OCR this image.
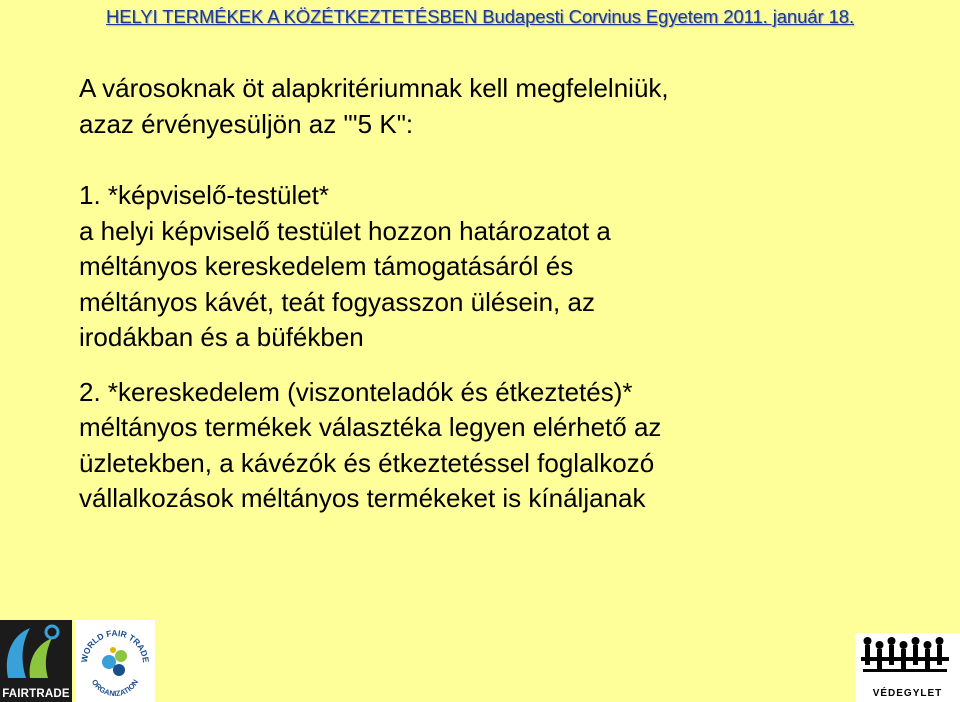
HELYI TERMÉKEK A KÖZÉTKEZTETÉSBEN Budapesti Corvinus Egyetem 2011. január 18.

A városoknak öt alapkritériumnak kell megfelelniük,

azaz érvényesüljön az "'5 K":

1. *képviselő-testület*

a helyi képviselő testület hozzon határozatot a

méltányos kereskedelem támogatásáról és

méltányos kávét, teát fogyasszon ülésein, az

irodákban és a büfékben

2. *kereskedelem (viszonteladók és étkeztetés)*

méltányos termékek választéka legyen elérhető az

üzletekben, a kávézók és étkeztetéssel foglalkozó

vállalkozások méltányos termékeket is kínáljanak

FAIRTRADE
WORLD FAIR TRADE
ORGANIZATION
VÉDEGYLET
